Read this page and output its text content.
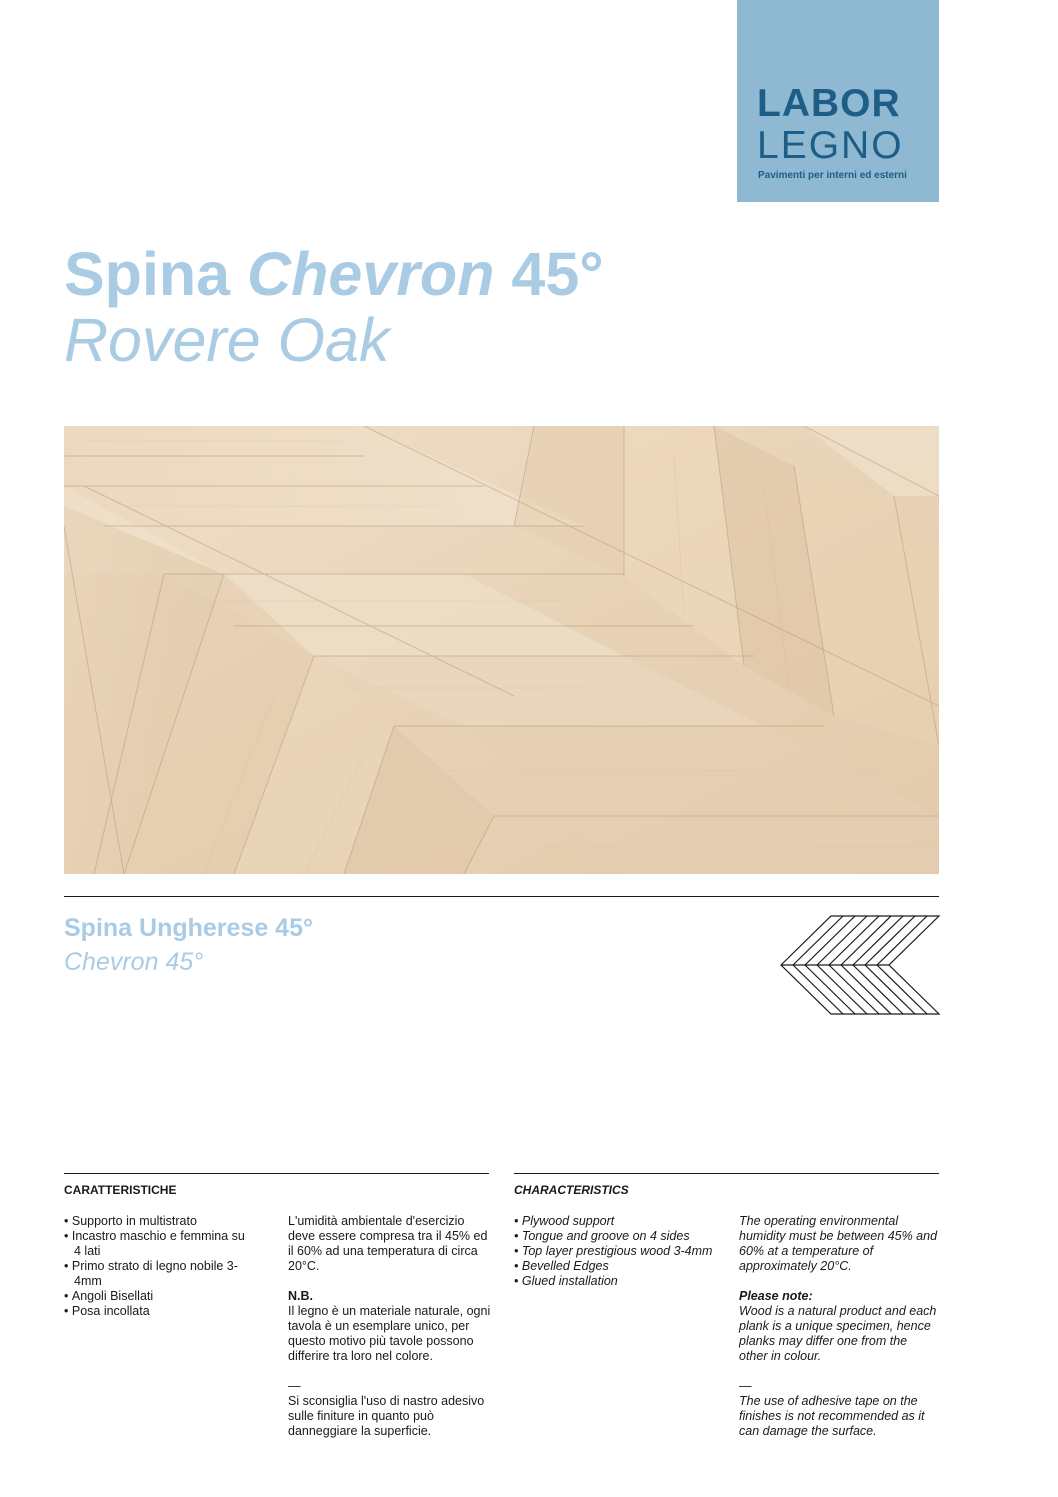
LABOR
LEGNO
Pavimenti per interni ed esterni
Spina Chevron 45°
Rovere Oak
Spina Ungherese 45°
Chevron 45°
CARATTERISTICHE
• Supporto in multistrato
• Incastro maschio e femmina su 4 lati
• Primo strato di legno nobile 3-4mm
• Angoli Bisellati
• Posa incollata

L'umidità ambientale d'esercizio deve essere compresa tra il 45% ed il 60% ad una temperatura di circa 20°C.

N.B.

Il legno è un materiale naturale, ogni tavola è un esemplare unico, per questo motivo più tavole possono differire tra loro nel colore.

—

Si sconsiglia l'uso di nastro adesivo sulle finiture in quanto può danneggiare la superficie.

CHARACTERISTICS
• Plywood support
• Tongue and groove on 4 sides
• Top layer prestigious wood 3-4mm
• Bevelled Edges
• Glued installation

The operating environmental humidity must be between 45% and 60% at a temperature of approximately 20°C.

Please note:

Wood is a natural product and each plank is a unique specimen, hence planks may differ one from the other in colour.

—

The use of adhesive tape on the finishes is not recommended as it can damage the surface.
